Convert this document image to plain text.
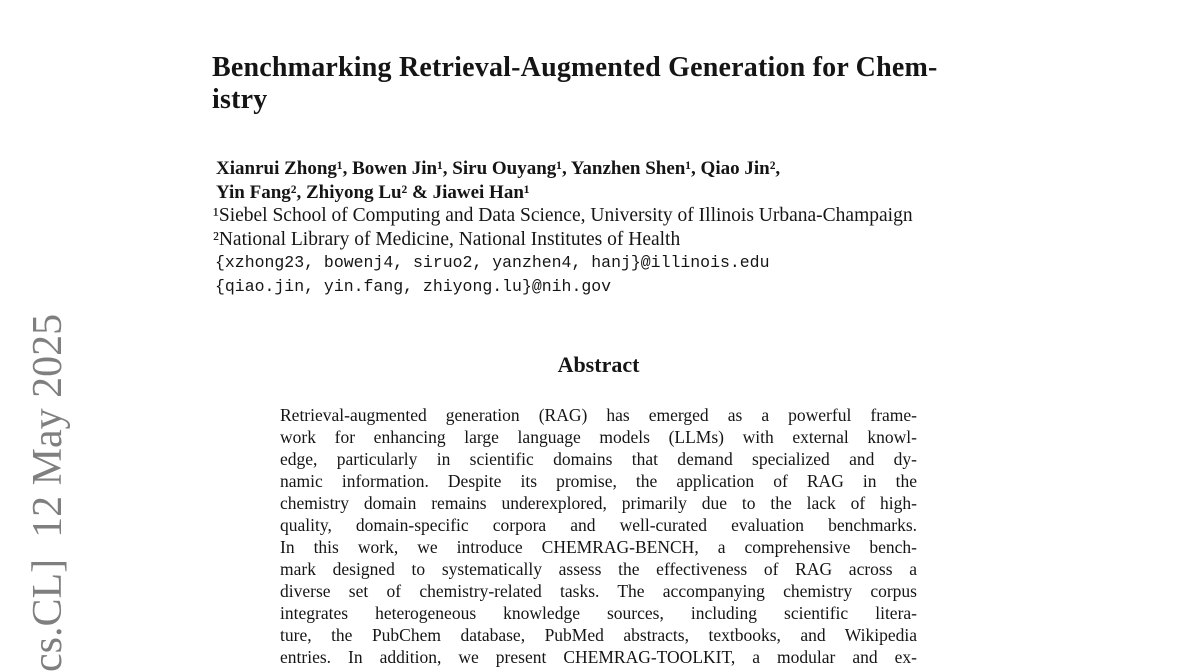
cs.CL]  12 May 2025
Benchmarking Retrieval-Augmented Generation for Chem-
istry
Xianrui Zhong¹, Bowen Jin¹, Siru Ouyang¹, Yanzhen Shen¹, Qiao Jin²,
Yin Fang², Zhiyong Lu² & Jiawei Han¹
¹Siebel School of Computing and Data Science, University of Illinois Urbana-Champaign
²National Library of Medicine, National Institutes of Health
{xzhong23, bowenj4, siruo2, yanzhen4, hanj}@illinois.edu
{qiao.jin, yin.fang, zhiyong.lu}@nih.gov
Abstract
Retrieval-augmented generation (RAG) has emerged as a powerful frame-
work for enhancing large language models (LLMs) with external knowl-
edge, particularly in scientific domains that demand specialized and dy-
namic information. Despite its promise, the application of RAG in the
chemistry domain remains underexplored, primarily due to the lack of high-
quality, domain-specific corpora and well-curated evaluation benchmarks.
In this work, we introduce CHEMRAG-BENCH, a comprehensive bench-
mark designed to systematically assess the effectiveness of RAG across a
diverse set of chemistry-related tasks. The accompanying chemistry corpus
integrates heterogeneous knowledge sources, including scientific litera-
ture, the PubChem database, PubMed abstracts, textbooks, and Wikipedia
entries. In addition, we present CHEMRAG-TOOLKIT, a modular and ex-
